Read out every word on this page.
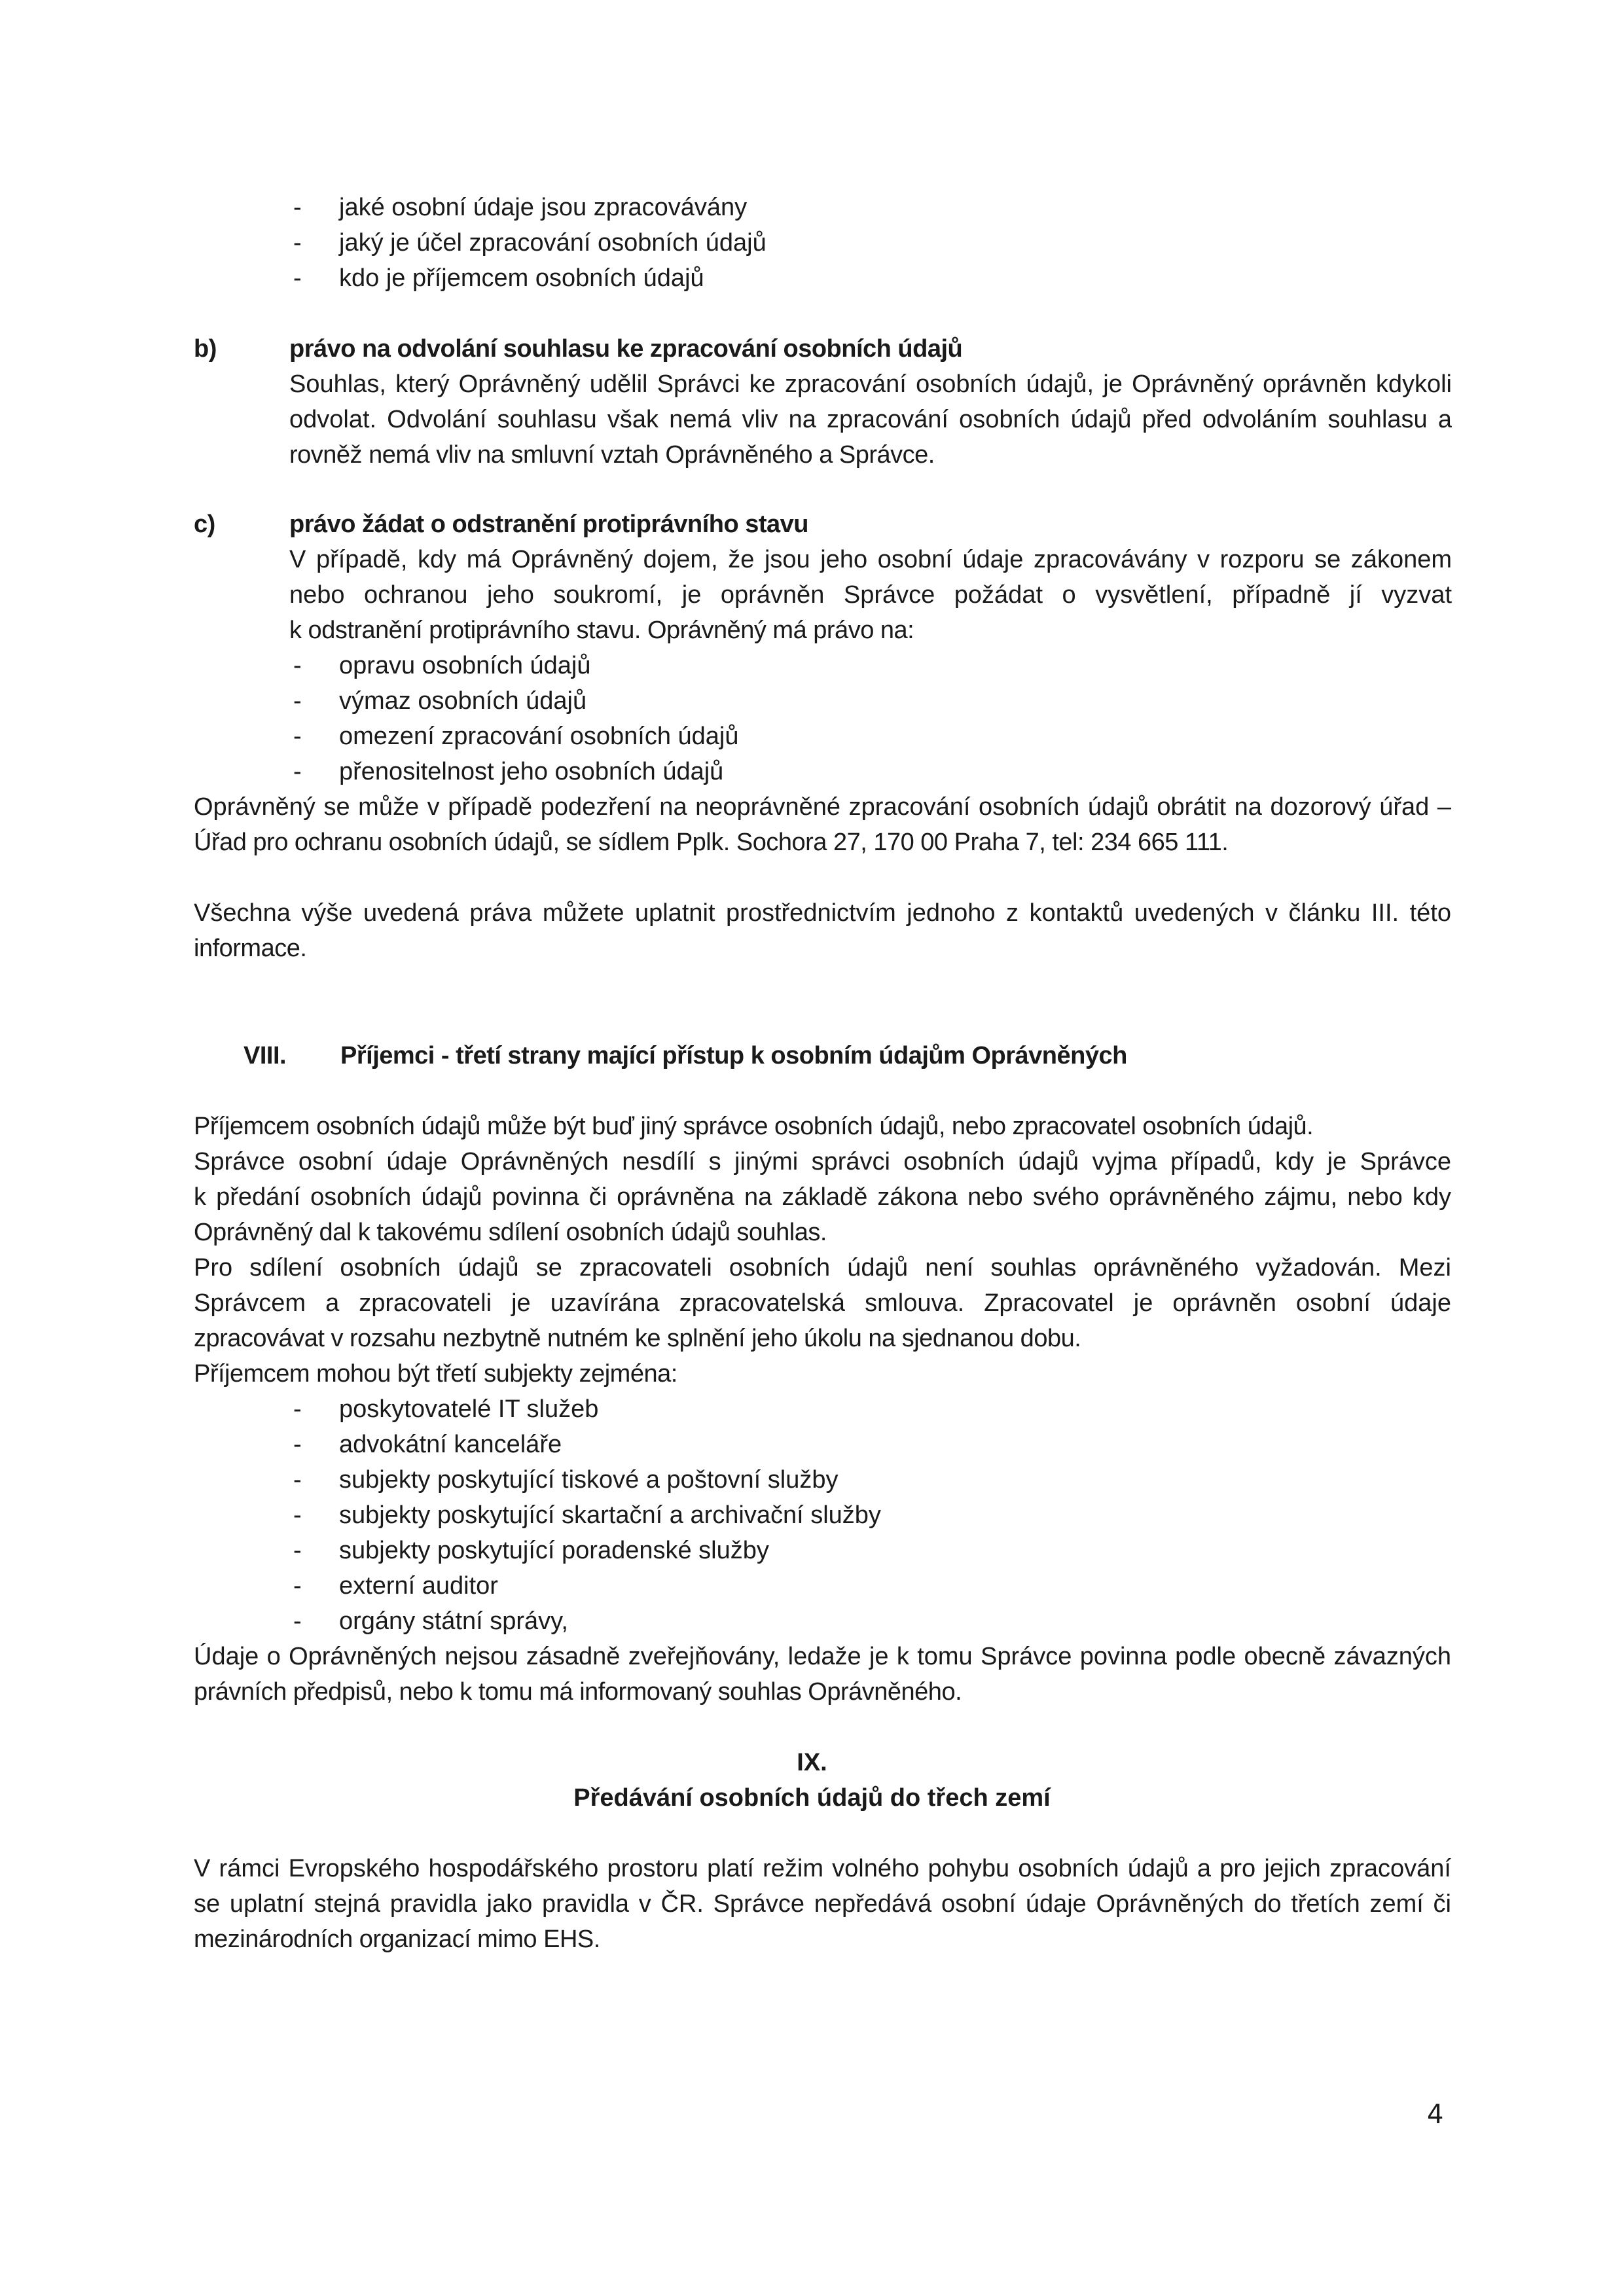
- jaké osobní údaje jsou zpracovávány
- jaký je účel zpracování osobních údajů
- kdo je příjemcem osobních údajů
b)	právo na odvolání souhlasu ke zpracování osobních údajů
Souhlas, který Oprávněný udělil Správci ke zpracování osobních údajů, je Oprávněný oprávněn kdykoli
odvolat. Odvolání souhlasu však nemá vliv na zpracování osobních údajů před odvoláním souhlasu a
rovněž nemá vliv na smluvní vztah Oprávněného a Správce.
c)	právo žádat o odstranění protiprávního stavu
V případě, kdy má Oprávněný dojem, že jsou jeho osobní údaje zpracovávány v rozporu se zákonem
nebo ochranou jeho soukromí, je oprávněn Správce požádat o vysvětlení, případně jí vyzvat
k odstranění protiprávního stavu. Oprávněný má právo na:
- opravu osobních údajů
- výmaz osobních údajů
- omezení zpracování osobních údajů
- přenositelnost jeho osobních údajů
Oprávněný se může v případě podezření na neoprávněné zpracování osobních údajů obrátit na dozorový úřad –
Úřad pro ochranu osobních údajů, se sídlem Pplk. Sochora 27, 170 00 Praha 7, tel: 234 665 111.
Všechna výše uvedená práva můžete uplatnit prostřednictvím jednoho z kontaktů uvedených v článku III. této
informace.
VIII. Příjemci - třetí strany mající přístup k osobním údajům Oprávněných
Příjemcem osobních údajů může být buď jiný správce osobních údajů, nebo zpracovatel osobních údajů.
Správce osobní údaje Oprávněných nesdílí s jinými správci osobních údajů vyjma případů, kdy je Správce
k předání osobních údajů povinna či oprávněna na základě zákona nebo svého oprávněného zájmu, nebo kdy
Oprávněný dal k takovému sdílení osobních údajů souhlas.
Pro sdílení osobních údajů se zpracovateli osobních údajů není souhlas oprávněného vyžadován. Mezi
Správcem a zpracovateli je uzavírána zpracovatelská smlouva. Zpracovatel je oprávněn osobní údaje
zpracovávat v rozsahu nezbytně nutném ke splnění jeho úkolu na sjednanou dobu.
Příjemcem mohou být třetí subjekty zejména:
- poskytovatelé IT služeb
- advokátní kanceláře
- subjekty poskytující tiskové a poštovní služby
- subjekty poskytující skartační a archivační služby
- subjekty poskytující poradenské služby
- externí auditor
- orgány státní správy,
Údaje o Oprávněných nejsou zásadně zveřejňovány, ledaže je k tomu Správce povinna podle obecně závazných
právních předpisů, nebo k tomu má informovaný souhlas Oprávněného.
IX.
Předávání osobních údajů do třech zemí
V rámci Evropského hospodářského prostoru platí režim volného pohybu osobních údajů a pro jejich zpracování
se uplatní stejná pravidla jako pravidla v ČR. Správce nepředává osobní údaje Oprávněných do třetích zemí či
mezinárodních organizací mimo EHS.
4
